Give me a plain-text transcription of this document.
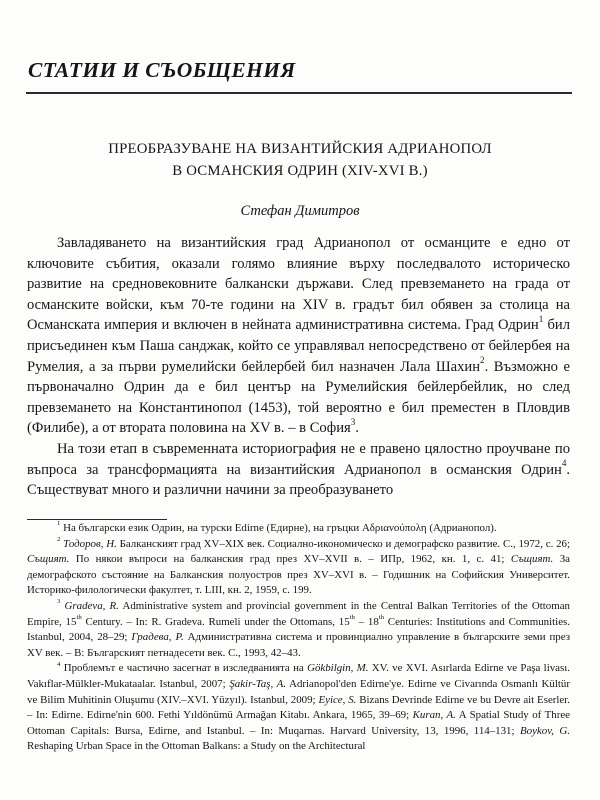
СТАТИИ И СЪОБЩЕНИЯ
ПРЕОБРАЗУВАНЕ НА ВИЗАНТИЙСКИЯ АДРИАНОПОЛ
В ОСМАНСКИЯ ОДРИН (XIV-XVI В.)

Стефан Димитров

Завладяването на византийския град Адрианопол от османците е едно от ключовите събития, оказали голямо влияние върху последвалото историческо развитие на средновековните балкански държави. След превземането на града от османските войски, към 70-те години на XIV в. градът бил обявен за столица на Османската империя и включен в нейната административна система. Град Одрин$^1$ бил присъединен към Паша санджак, който се управлявал непосредствено от бейлербея на Румелия, а за първи румелийски бейлербей бил назначен Лала Шахин$^2$. Възможно е първоначално Одрин да е бил център на Румелийския бейлербейлик, но след превземането на Константинопол (1453), той вероятно е бил преместен в Пловдив (Филибе), а от втората половина на XV в. – в София$^3$.

На този етап в съвременната историография не е правено цялостно проучване по въпроса за трансформацията на византийския Адрианопол в османския Одрин$^4$. Съществуват много и различни начини за преобразуването

$^1$ На български език Одрин, на турски Edirne (Едирне), на гръцки Αδριανούπολη (Адрианопол).

$^2$ Тодоров, Н. Балканският град XV–XIX век. Социално-икономическо и демографско развитие. С., 1972, с. 26; Същият. По някои въпроси на балканския град през XV–XVII в. – ИПр, 1962, кн. 1, с. 41; Същият. За демографското състояние на Балканския полуостров през XV–XVI в. – Годишник на Софийския Университет. Историко-филологически факултет, т. LIII, кн. 2, 1959, с. 199.

$^3$ Gradeva, R. Administrative system and provincial government in the Central Balkan Territories of the Ottoman Empire, 15th Century. – In: R. Gradeva. Rumeli under the Ottomans, 15th – 18th Centuries: Institutions and Communities. Istanbul, 2004, 28–29; Градева, Р. Административна система и провинциално управление в българските земи през XV век. – В: Българският петнадесети век. С., 1993, 42–43.

$^4$ Проблемът е частично засегнат в изследванията на Gökbilgin, M. XV. ve XVI. Asırlarda Edirne ve Paşa livası. Vakıflar-Mülkler-Mukataalar. Istanbul, 2007; Şakir-Taş, A. Adrianopol'den Edirne'ye. Edirne ve Civarında Osmanlı Kültür ve Bilim Muhitinin Oluşumu (XIV.–XVI. Yüzyıl). Istanbul, 2009; Eyice, S. Bizans Devrinde Edirne ve bu Devre ait Eserler. – In: Edirne. Edirne'nin 600. Fethi Yıldönümü Armağan Kitabı. Ankara, 1965, 39–69; Kuran, A. A Spatial Study of Three Ottoman Capitals: Bursa, Edirne, and Istanbul. – In: Muqarnas. Harvard University, 13, 1996, 114–131; Boykov, G. Reshaping Urban Space in the Ottoman Balkans: a Study on the Architectural
